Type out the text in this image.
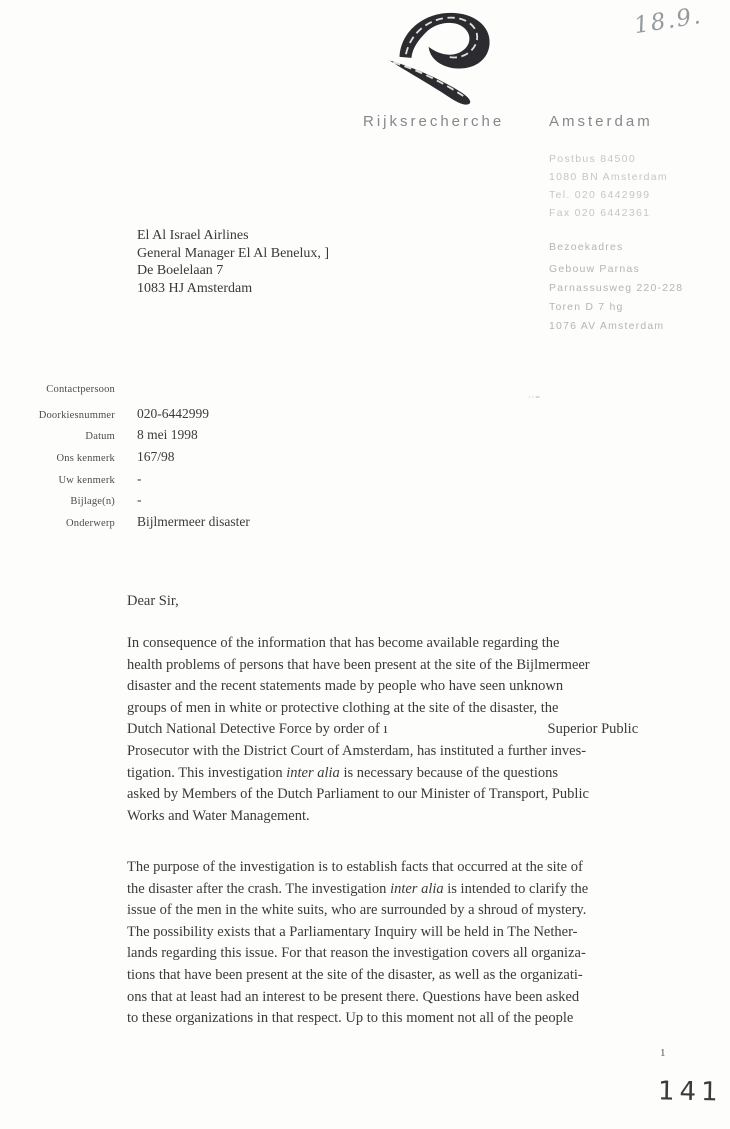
18.9.
Rijksrecherche	Amsterdam
Postbus 84500
1080 BN Amsterdam
Tel. 020 6442999
Fax 020 6442361
Bezoekadres
Gebouw Parnas
Parnassusweg 220-228
Toren D 7 hg
1076 AV Amsterdam
El Al Israel Airlines
General Manager El Al Benelux, ]
De Boelelaan 7
1083 HJ Amsterdam
Contactpersoon
Doorkiesnummer 020-6442999
Datum 8 mei 1998
Ons kenmerk 167/98
Uw kenmerk -
Bijlage(n) -
Onderwerp Bijlmermeer disaster
··=
Dear Sir,
In consequence of the information that has become available regarding the
health problems of persons that have been present at the site of the Bijlmermeer
disaster and the recent statements made by people who have seen unknown
groups of men in white or protective clothing at the site of the disaster, the
Dutch National Detective Force by order of ı	Superior Public
Prosecutor with the District Court of Amsterdam, has instituted a further inves-
tigation. This investigation inter alia is necessary because of the questions
asked by Members of the Dutch Parliament to our Minister of Transport, Public
Works and Water Management.
The purpose of the investigation is to establish facts that occurred at the site of
the disaster after the crash. The investigation inter alia is intended to clarify the
issue of the men in the white suits, who are surrounded by a shroud of mystery.
The possibility exists that a Parliamentary Inquiry will be held in The Nether-
lands regarding this issue. For that reason the investigation covers all organiza-
tions that have been present at the site of the disaster, as well as the organizati-
ons that at least had an interest to be present there. Questions have been asked
to these organizations in that respect. Up to this moment not all of the people
1
141
